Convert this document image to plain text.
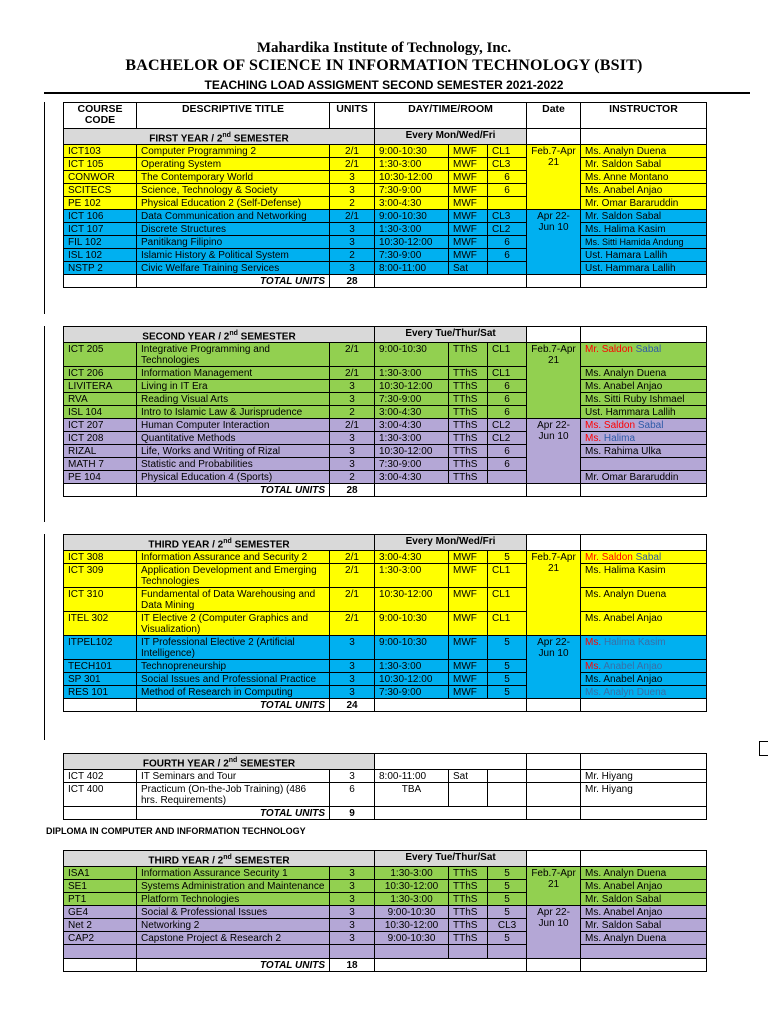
Mahardika Institute of Technology, Inc.
BACHELOR OF SCIENCE IN INFORMATION TECHNOLOGY (BSIT)
TEACHING LOAD ASSIGMENT SECOND SEMESTER 2021-2022
COURSE CODE	DESCRIPTIVE TITLE	UNITS	DAY/TIME/ROOM			Date	INSTRUCTOR
FIRST YEAR / 2nd SEMESTER			Every Mon/Wed/Fri				
ICT103	Computer Programming 2	2/1	9:00-10:30	MWF	CL1	Feb.7-Apr 21	Ms. Analyn Duena
ICT 105	Operating System	2/1	1:30-3:00	MWF	CL3		Mr. Saldon Sabal
CONWOR	The Contemporary World	3	10:30-12:00	MWF	6		Ms. Anne Montano
SCITECS	Science, Technology & Society	3	7:30-9:00	MWF	6		Ms. Anabel Anjao
PE 102	Physical Education 2 (Self-Defense)	2	3:00-4:30	MWF			Mr. Omar Bararuddin
ICT 106	Data Communication and Networking	2/1	9:00-10:30	MWF	CL3	Apr 22-Jun 10	Mr. Saldon Sabal
ICT 107	Discrete Structures	3	1:30-3:00	MWF	CL2		Ms. Halima Kasim
FIL 102	Panitikang Filipino	3	10:30-12:00	MWF	6		Ms. Sitti Hamida Andung
ISL 102	Islamic History & Political System	2	7:30-9:00	MWF	6		Ust. Hamara Lallih
NSTP 2	Civic Welfare Training Services	3	8:00-11:00	Sat			Ust. Hammara Lallih
	TOTAL UNITS	28					
SECOND YEAR / 2nd SEMESTER			Every Tue/Thur/Sat				
ICT 205	Integrative Programming and Technologies	2/1	9:00-10:30	TThS	CL1	Feb.7-Apr 21	Mr. Saldon Sabal
ICT 206	Information Management	2/1	1:30-3:00	TThS	CL1		Ms. Analyn Duena
LIVITERA	Living in IT Era	3	10:30-12:00	TThS	6		Ms. Anabel Anjao
RVA	Reading Visual Arts	3	7:30-9:00	TThS	6		Ms. Sitti Ruby Ishmael
ISL 104	Intro to Islamic Law & Jurisprudence	2	3:00-4:30	TThS	6		Ust. Hammara Lallih
ICT 207	Human Computer Interaction	2/1	3:00-4:30	TThS	CL2	Apr 22-Jun 10	Ms. Saldon Sabal
ICT 208	Quantitative Methods	3	1:30-3:00	TThS	CL2		Ms. Halima
RIZAL	Life, Works and Writing of Rizal	3	10:30-12:00	TThS	6		Ms. Rahima Ulka
MATH 7	Statistic and Probabilities	3	7:30-9:00	TThS	6		
PE 104	Physical Education 4 (Sports)	2	3:00-4:30	TThS			Mr. Omar Bararuddin
	TOTAL UNITS	28					
THIRD YEAR / 2nd SEMESTER			Every Mon/Wed/Fri				
ICT 308	Information Assurance and Security 2	2/1	3:00-4:30	MWF	5	Feb.7-Apr 21	Mr. Saldon Sabal
ICT 309	Application Development and Emerging Technologies	2/1	1:30-3:00	MWF	CL1		Ms. Halima Kasim
ICT 310	Fundamental of Data Warehousing and Data Mining	2/1	10:30-12:00	MWF	CL1		Ms. Analyn Duena
ITEL 302	IT Elective 2 (Computer Graphics and Visualization)	2/1	9:00-10:30	MWF	CL1		Ms. Anabel Anjao
ITPEL102	IT Professional Elective 2 (Artificial Intelligence)	3	9:00-10:30	MWF	5	Apr 22-Jun 10	Ms. Halima Kasim
TECH101	Technopreneurship	3	1:30-3:00	MWF	5		Ms. Anabel Anjao
SP 301	Social Issues and Professional Practice	3	10:30-12:00	MWF	5		Ms. Anabel Anjao
RES 101	Method of Research in Computing	3	7:30-9:00	MWF	5		Ms. Analyn Duena
	TOTAL UNITS	24					
FOURTH YEAR / 2nd SEMESTER							
ICT 402	IT Seminars and Tour	3	8:00-11:00	Sat			Mr. Hiyang
ICT 400	Practicum (On-the-Job Training) (486 hrs. Requirements)	6	TBA				Mr. Hiyang
	TOTAL UNITS	9					
DIPLOMA IN COMPUTER AND INFORMATION TECHNOLOGY
THIRD YEAR / 2nd SEMESTER			Every Tue/Thur/Sat				
ISA1	Information Assurance Security 1	3	1:30-3:00	TThS	5	Feb.7-Apr 21	Ms. Analyn Duena
SE1	Systems Administration and Maintenance	3	10:30-12:00	TThS	5		Ms. Anabel Anjao
PT1	Platform Technologies	3	1:30-3:00	TThS	5		Mr. Saldon Sabal
GE4	Social & Professional Issues	3	9:00-10:30	TThS	5	Apr 22-Jun 10	Ms. Anabel Anjao
Net 2	Networking 2	3	10:30-12:00	TThS	CL3		Mr. Saldon Sabal
CAP2	Capstone Project & Research 2	3	9:00-10:30	TThS	5		Ms. Analyn Duena

	TOTAL UNITS	18					
